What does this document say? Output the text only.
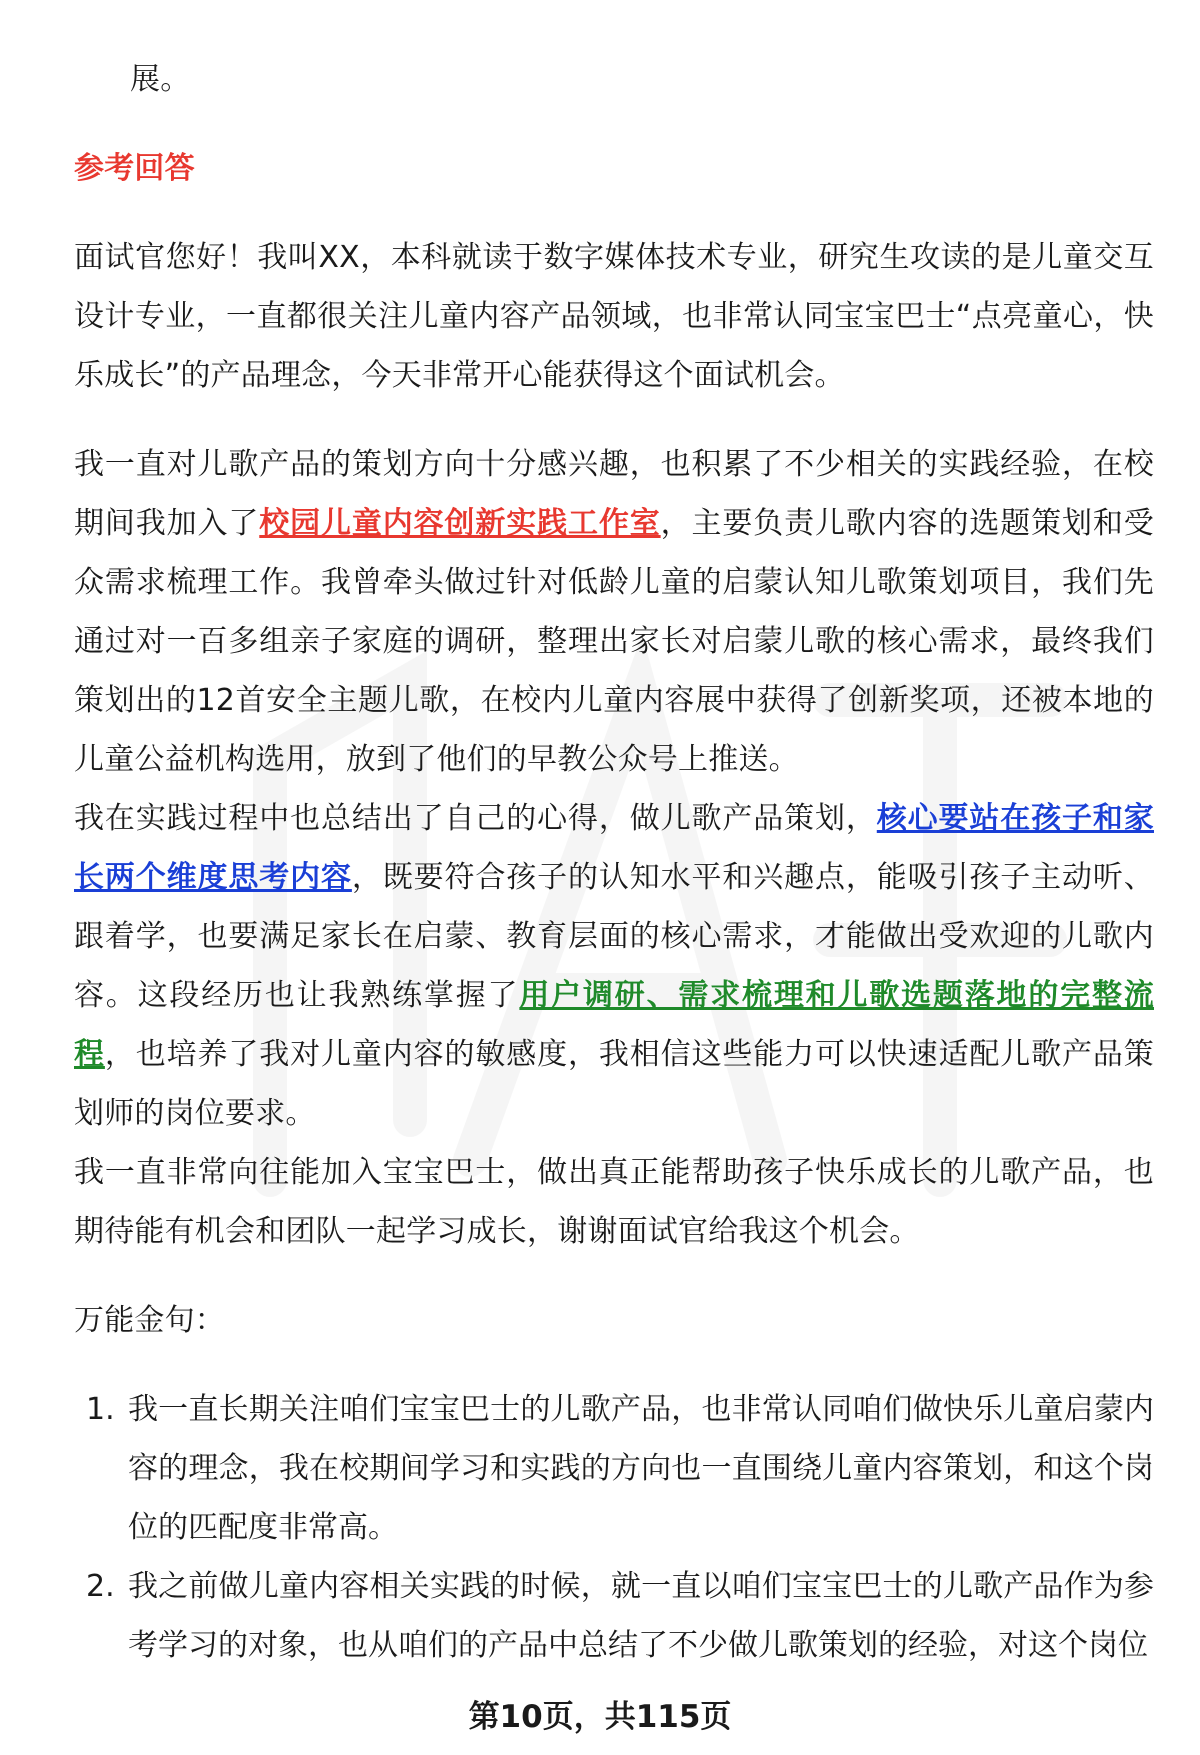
展。

参考回答

面试官您好！我叫XX，本科就读于数字媒体技术专业，研究生攻读的是儿童交互设计专业，一直都很关注儿童内容产品领域，也非常认同宝宝巴士“点亮童心，快乐成长”的产品理念，今天非常开心能获得这个面试机会。

我一直对儿歌产品的策划方向十分感兴趣，也积累了不少相关的实践经验，在校期间我加入了校园儿童内容创新实践工作室，主要负责儿歌内容的选题策划和受众需求梳理工作。我曾牵头做过针对低龄儿童的启蒙认知儿歌策划项目，我们先通过对一百多组亲子家庭的调研，整理出家长对启蒙儿歌的核心需求，最终我们策划出的12首安全主题儿歌，在校内儿童内容展中获得了创新奖项，还被本地的儿童公益机构选用，放到了他们的早教公众号上推送。

我在实践过程中也总结出了自己的心得，做儿歌产品策划，核心要站在孩子和家长两个维度思考内容，既要符合孩子的认知水平和兴趣点，能吸引孩子主动听、跟着学，也要满足家长在启蒙、教育层面的核心需求，才能做出受欢迎的儿歌内容。这段经历也让我熟练掌握了用户调研、需求梳理和儿歌选题落地的完整流程，也培养了我对儿童内容的敏感度，我相信这些能力可以快速适配儿歌产品策划师的岗位要求。

我一直非常向往能加入宝宝巴士，做出真正能帮助孩子快乐成长的儿歌产品，也期待能有机会和团队一起学习成长，谢谢面试官给我这个机会。

万能金句：

1. 我一直长期关注咱们宝宝巴士的儿歌产品，也非常认同咱们做快乐儿童启蒙内容的理念，我在校期间学习和实践的方向也一直围绕儿童内容策划，和这个岗位的匹配度非常高。
2. 我之前做儿童内容相关实践的时候，就一直以咱们宝宝巴士的儿歌产品作为参考学习的对象，也从咱们的产品中总结了不少做儿歌策划的经验，对这个岗位
第10页，共115页
